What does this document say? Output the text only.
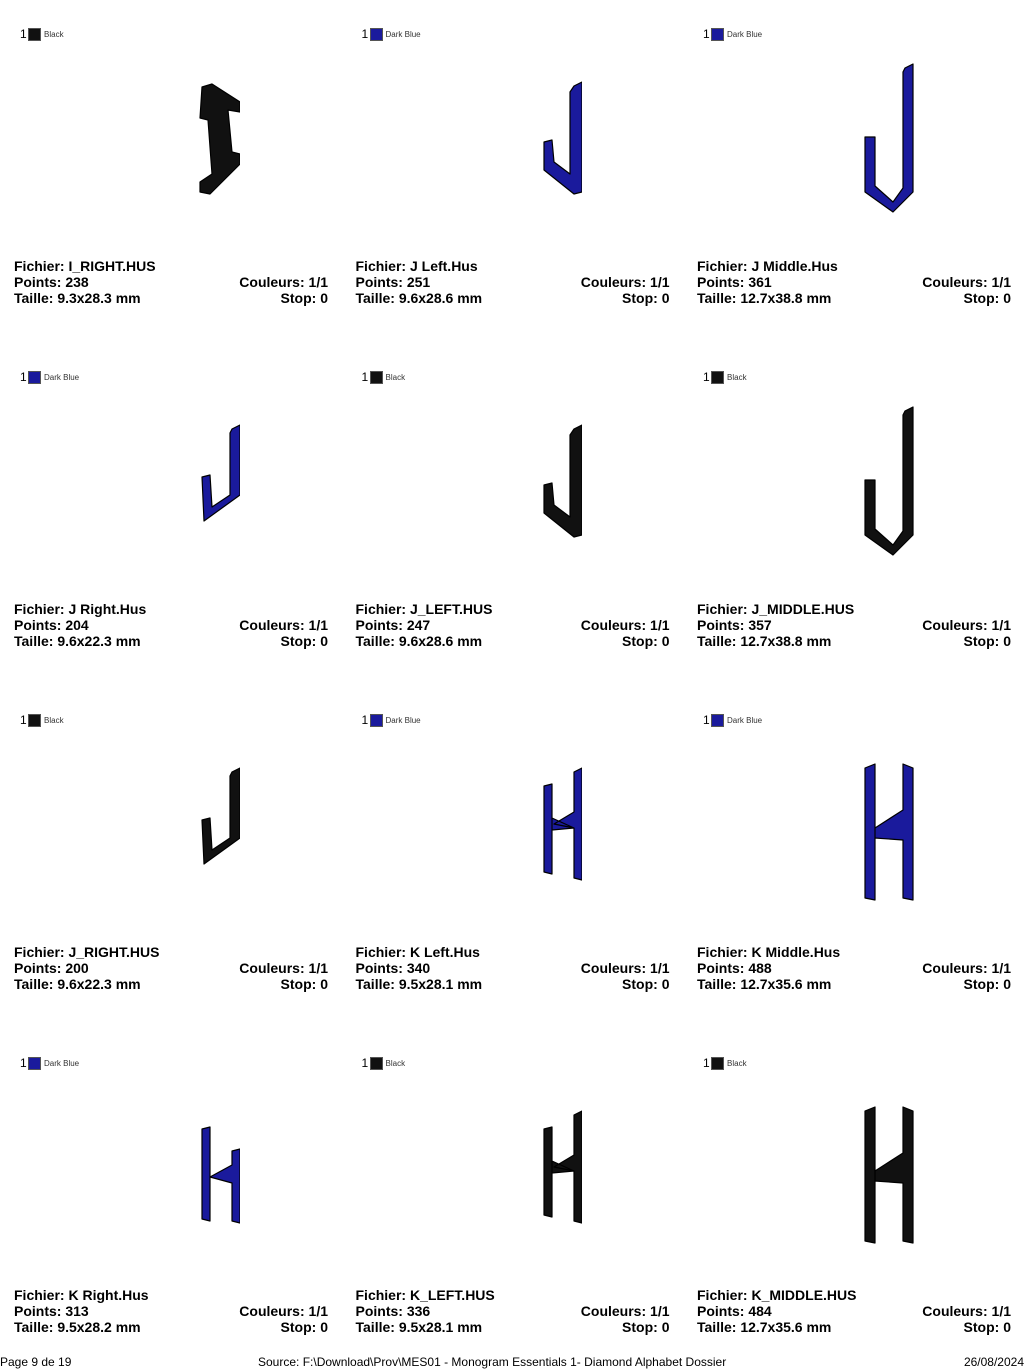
1 Black
Fichier: I_RIGHT.HUS
Points: 238	Couleurs: 1/1
Taille: 9.3x28.3 mm	Stop: 0
1 Dark Blue
Fichier: J Left.Hus
Points: 251	Couleurs: 1/1
Taille: 9.6x28.6 mm	Stop: 0
1 Dark Blue
Fichier: J Middle.Hus
Points: 361	Couleurs: 1/1
Taille: 12.7x38.8 mm	Stop: 0
1 Dark Blue
Fichier: J Right.Hus
Points: 204	Couleurs: 1/1
Taille: 9.6x22.3 mm	Stop: 0
1 Black
Fichier: J_LEFT.HUS
Points: 247	Couleurs: 1/1
Taille: 9.6x28.6 mm	Stop: 0
1 Black
Fichier: J_MIDDLE.HUS
Points: 357	Couleurs: 1/1
Taille: 12.7x38.8 mm	Stop: 0
1 Black
Fichier: J_RIGHT.HUS
Points: 200	Couleurs: 1/1
Taille: 9.6x22.3 mm	Stop: 0
1 Dark Blue
Fichier: K Left.Hus
Points: 340	Couleurs: 1/1
Taille: 9.5x28.1 mm	Stop: 0
1 Dark Blue
Fichier: K Middle.Hus
Points: 488	Couleurs: 1/1
Taille: 12.7x35.6 mm	Stop: 0
1 Dark Blue
Fichier: K Right.Hus
Points: 313	Couleurs: 1/1
Taille: 9.5x28.2 mm	Stop: 0
1 Black
Fichier: K_LEFT.HUS
Points: 336	Couleurs: 1/1
Taille: 9.5x28.1 mm	Stop: 0
1 Black
Fichier: K_MIDDLE.HUS
Points: 484	Couleurs: 1/1
Taille: 12.7x35.6 mm	Stop: 0
Page 9 de 19	Source: F:\Download\Prov\MES01 - Monogram Essentials 1- Diamond Alphabet Dossier	26/08/2024
